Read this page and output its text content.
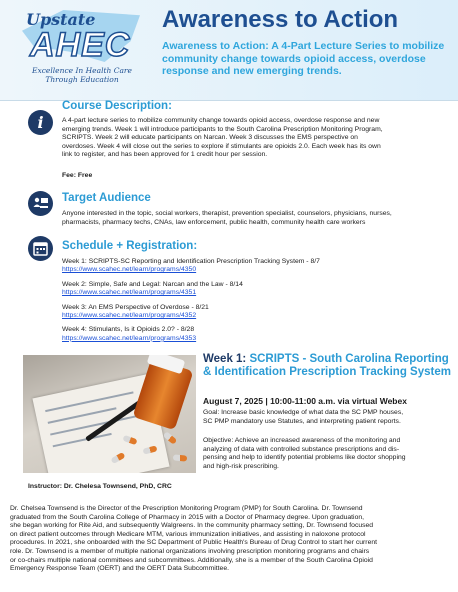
Upstate
AHEC
Excellence In Health Care
Through Education
Awareness to Action
Awareness to Action: A 4-Part Lecture Series to mobilize community change towards opioid access, overdose response and new emerging trends.
i
Course Description:
A 4-part lecture series to mobilize community change towards opioid access, overdose response and new
emerging trends. Week 1 will introduce participants to the South Carolina Prescription Monitoring Program,
SCRIPTS. Week 2 will educate participants on Narcan. Week 3 discusses the EMS perspective on
overdoses. Week 4 will close out the series to explore if stimulants are opioids 2.0. Each week has its own
link to register, and has been approved for 1 credit hour per session.
Fee: Free
Target Audience
Anyone interested in the topic, social workers, therapist, prevention specialist, counselors, physicians, nurses,
pharmacists, pharmacy techs, CNAs, law enforcement, public health, community health care workers
Schedule + Registration:
Week 1: SCRIPTS-SC Reporting and Identification Prescription Tracking System - 8/7
https://www.scahec.net/learn/programs/4350
Week 2: Simple, Safe and Legal: Narcan and the Law - 8/14
https://www.scahec.net/learn/programs/4351
Week 3: An EMS Perspective of Overdose - 8/21
https://www.scahec.net/learn/programs/4352
Week 4: Stimulants, Is it Opioids 2.0? - 8/28
https://www.scahec.net/learn/programs/4353
Week 1: SCRIPTS - South Carolina Reporting & Identification Prescription Tracking System
August 7, 2025 | 10:00-11:00 a.m. via virtual Webex
Goal: Increase basic knowledge of what data the SC PMP houses,
SC PMP mandatory use Statutes, and interpreting patient reports.
Objective: Achieve an increased awareness of the monitoring and
analyzing of data with controlled substance prescriptions and dis-
pensing and help to identify potential problems like doctor shopping
and high-risk prescribing.
Instructor: Dr. Chelesa Townsend, PhD, CRC
Dr. Chelsea Townsend is the Director of the Prescription Monitoring Program (PMP) for South Carolina. Dr. Townsend
graduated from the South Carolina College of Pharmacy in 2015 with a Doctor of Pharmacy degree. Upon graduation,
she began working for Rite Aid, and subsequently Walgreens. In the community pharmacy setting, Dr. Townsend focused
on direct patient outcomes through Medicare MTM, various immunization initiatives, and assisting in naloxone protocol
procedures. In 2021, she onboarded with the SC Department of Public Health's Bureau of Drug Control to start her current
role. Dr. Townsend is a member of multiple national organizations involving prescription monitoring programs and chairs
or co-chairs multiple national committees and subcommittees. Additionally, she is a member of the South Carolina Opioid
Emergency Response Team (OERT) and the OERT Data Subcommittee.
